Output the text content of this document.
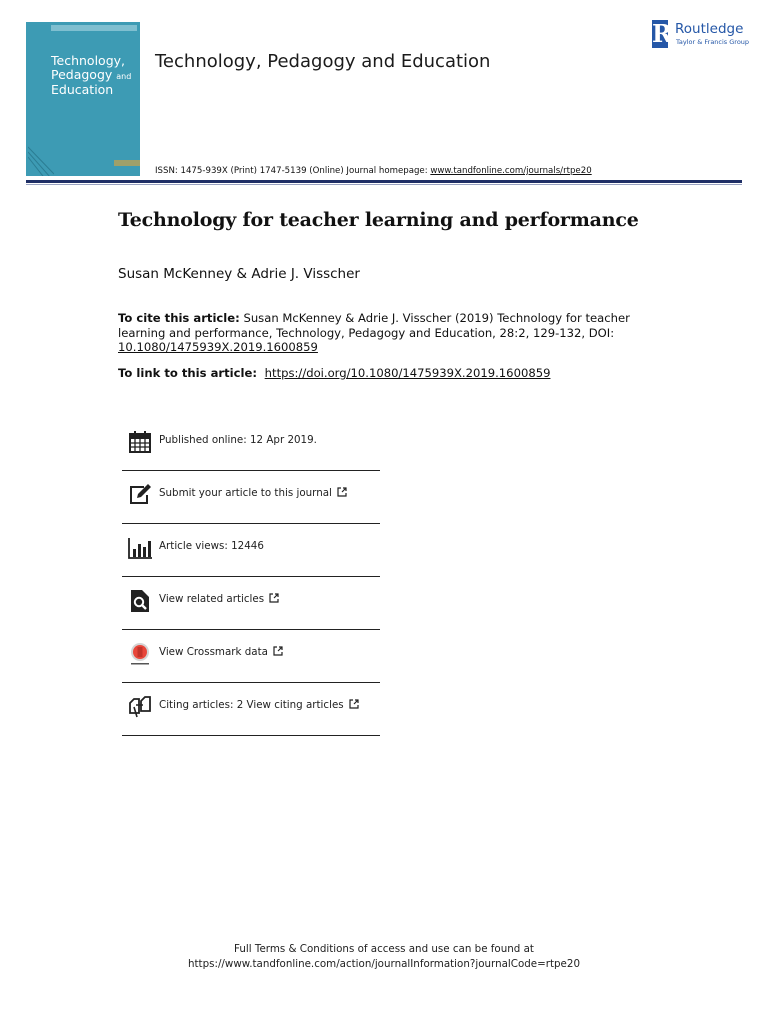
Technology,
Pedagogy and
Education
Technology, Pedagogy and Education
R Routledge
Taylor & Francis Group
ISSN: 1475-939X (Print) 1747-5139 (Online) Journal homepage: www.tandfonline.com/journals/rtpe20
Technology for teacher learning and performance
Susan McKenney & Adrie J. Visscher
To cite this article: Susan McKenney & Adrie J. Visscher (2019) Technology for teacher learning and performance, Technology, Pedagogy and Education, 28:2, 129-132, DOI: 10.1080/1475939X.2019.1600859
To link to this article: https://doi.org/10.1080/1475939X.2019.1600859
Published online: 12 Apr 2019.
Submit your article to this journal
Article views: 12446
View related articles
View Crossmark data
Citing articles: 2 View citing articles
Full Terms & Conditions of access and use can be found at
https://www.tandfonline.com/action/journalInformation?journalCode=rtpe20
